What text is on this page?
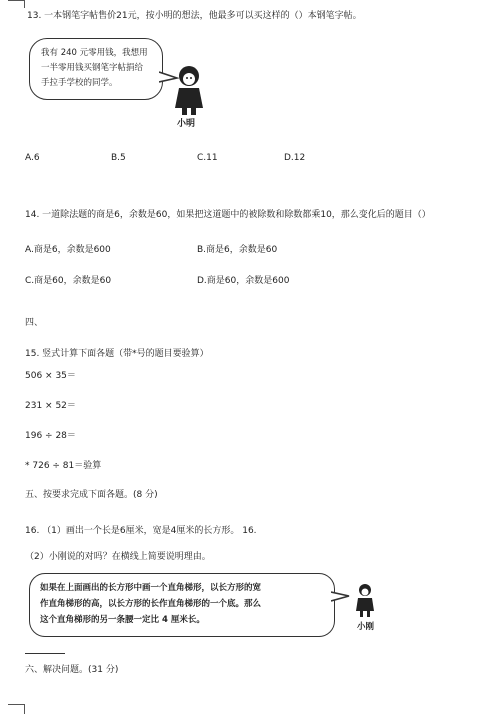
13. 一本钢笔字帖售价21元，按小明的想法，他最多可以买这样的（）本钢笔字帖。
我有 240 元零用钱，我想用
一半零用钱买钢笔字帖捐给
手拉手学校的同学。
小明
A.6	B.5	C.11	D.12
14. 一道除法题的商是6，余数是60，如果把这道题中的被除数和除数都乘10，那么变化后的题目（）
A.商是6，余数是600	B.商是6，余数是60
C.商是60，余数是60	D.商是60，余数是600
四、
15. 竖式计算下面各题（带*号的题目要验算）
506 × 35＝
231 × 52＝
196 ÷ 28＝
* 726 ÷ 81＝验算
五、按要求完成下面各题。(8 分)
16. （1）画出一个长是6厘米，宽是4厘米的长方形。 16.
（2）小刚说的对吗？在横线上简要说明理由。
如果在上面画出的长方形中画一个直角梯形，以长方形的宽
作直角梯形的高，以长方形的长作直角梯形的一个底。那么
这个直角梯形的另一条腰一定比 4 厘米长。
小刚
六、解决问题。(31 分)
